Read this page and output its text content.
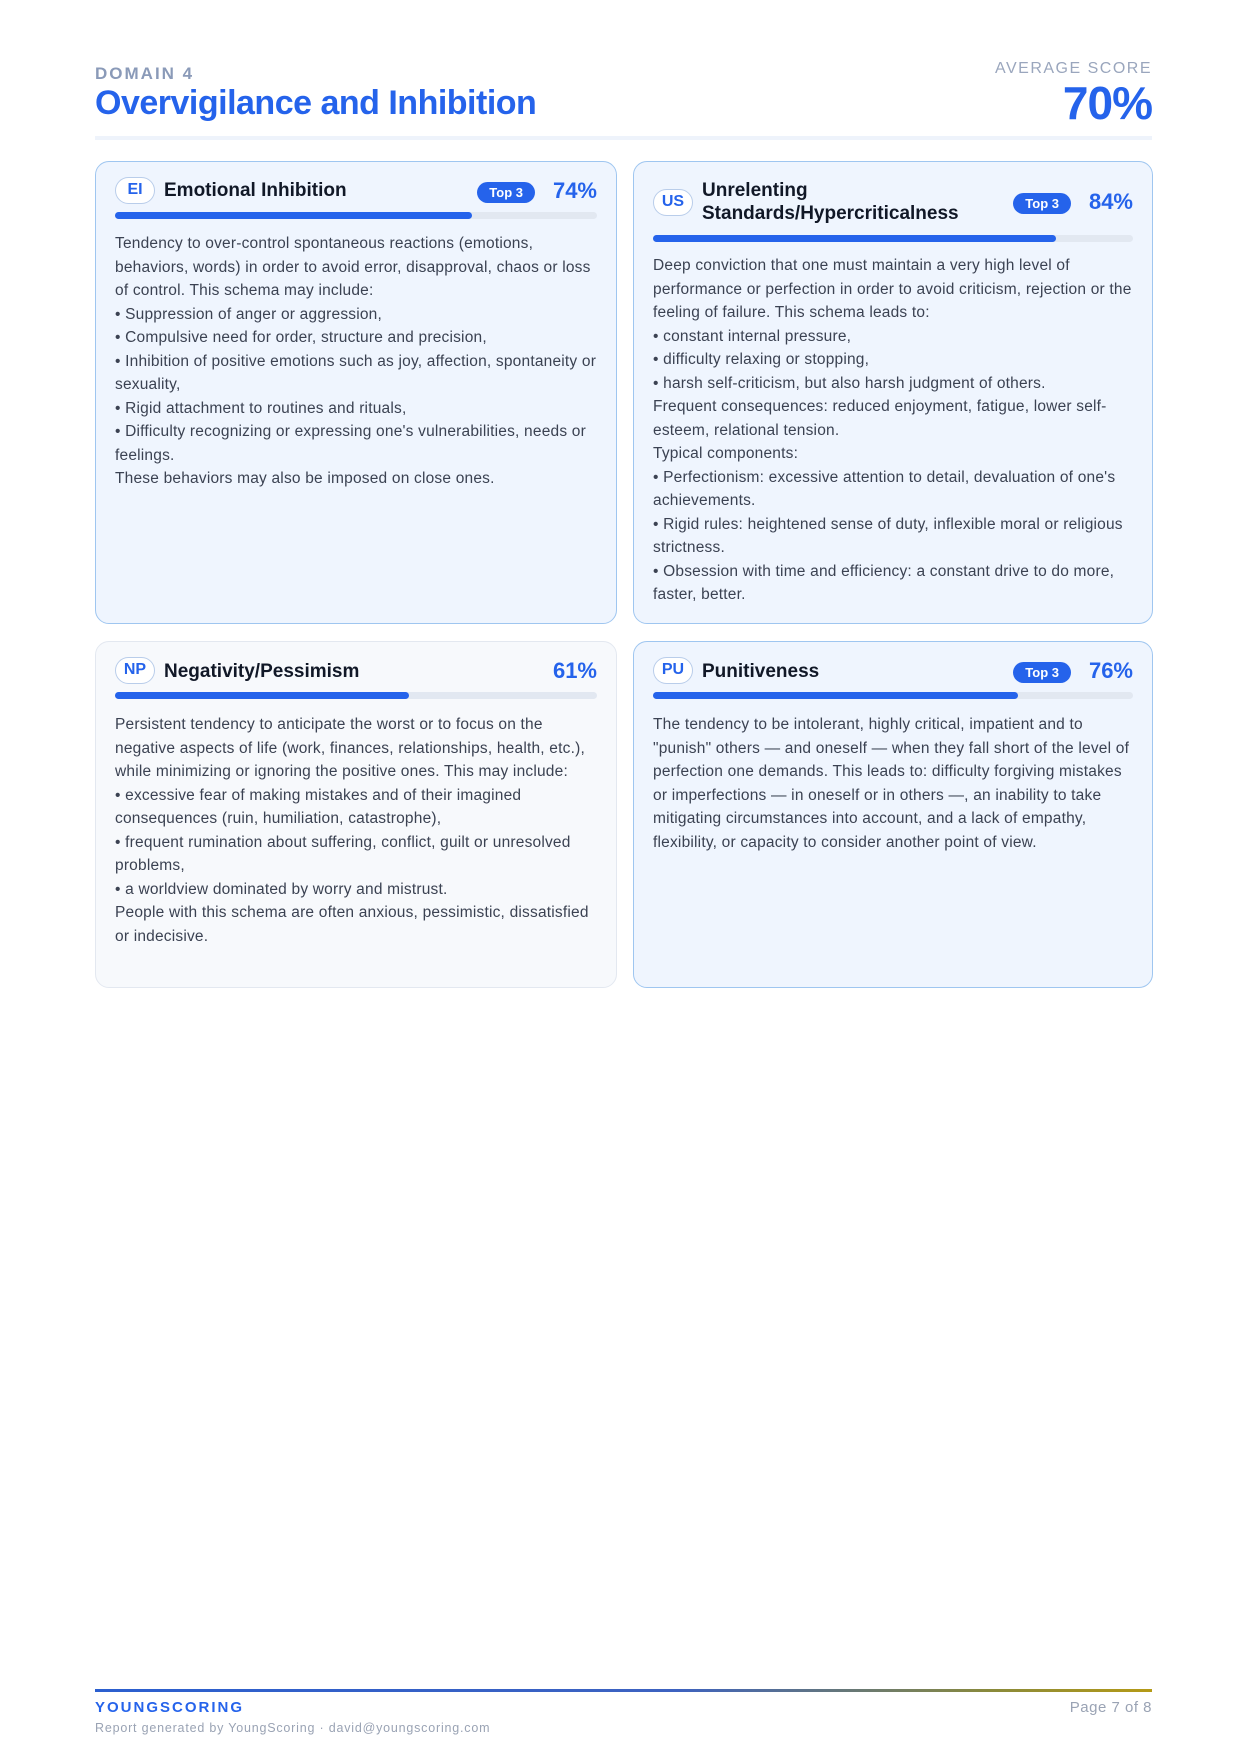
DOMAIN 4
Overvigilance and Inhibition
AVERAGE SCORE
70%
EI	Emotional Inhibition	Top 3	74%
Tendency to over-control spontaneous reactions (emotions, behaviors, words) in order to avoid error, disapproval, chaos or loss of control. This schema may include:
• Suppression of anger or aggression,
• Compulsive need for order, structure and precision,
• Inhibition of positive emotions such as joy, affection, spontaneity or sexuality,
• Rigid attachment to routines and rituals,
• Difficulty recognizing or expressing one's vulnerabilities, needs or feelings.
These behaviors may also be imposed on close ones.
US
Unrelenting
Standards/Hypercriticalness	Top 3	84%
Deep conviction that one must maintain a very high level of performance or perfection in order to avoid criticism, rejection or the feeling of failure. This schema leads to:
• constant internal pressure,
• difficulty relaxing or stopping,
• harsh self-criticism, but also harsh judgment of others.
Frequent consequences: reduced enjoyment, fatigue, lower self-esteem, relational tension.
Typical components:
• Perfectionism: excessive attention to detail, devaluation of one's achievements.
• Rigid rules: heightened sense of duty, inflexible moral or religious strictness.
• Obsession with time and efficiency: a constant drive to do more, faster, better.
NP Negativity/Pessimism	61%
Persistent tendency to anticipate the worst or to focus on the negative aspects of life (work, finances, relationships, health, etc.), while minimizing or ignoring the positive ones. This may include:
• excessive fear of making mistakes and of their imagined consequences (ruin, humiliation, catastrophe),
• frequent rumination about suffering, conflict, guilt or unresolved problems,
• a worldview dominated by worry and mistrust.
People with this schema are often anxious, pessimistic, dissatisfied or indecisive.
PU Punitiveness	Top 3	76%
The tendency to be intolerant, highly critical, impatient and to "punish" others — and oneself — when they fall short of the level of perfection one demands. This leads to: difficulty forgiving mistakes or imperfections — in oneself or in others —, an inability to take mitigating circumstances into account, and a lack of empathy, flexibility, or capacity to consider another point of view.
YOUNGSCORING
Report generated by YoungScoring · david@youngscoring.com
Page 7 of 8
